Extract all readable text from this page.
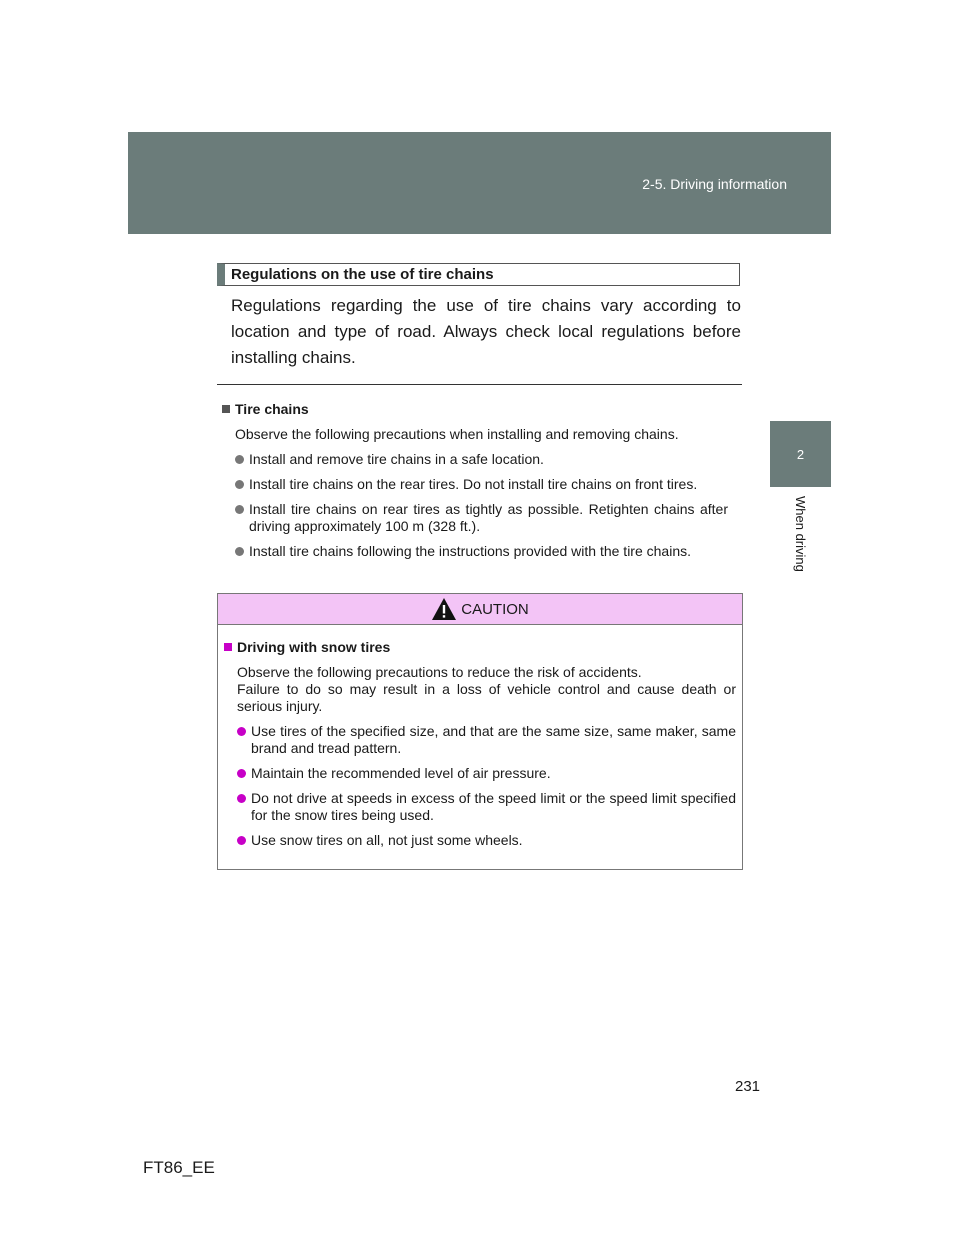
2-5. Driving information
2
When driving
Regulations on the use of tire chains
Regulations regarding the use of tire chains vary according to location and type of road. Always check local regulations before installing chains.
Tire chains
Observe the following precautions when installing and removing chains.
Install and remove tire chains in a safe location.
Install tire chains on the rear tires. Do not install tire chains on front tires.
Install tire chains on rear tires as tightly as possible. Retighten chains after driving approximately 100 m (328 ft.).
Install tire chains following the instructions provided with the tire chains.
CAUTION
Driving with snow tires
Observe the following precautions to reduce the risk of accidents.
Failure to do so may result in a loss of vehicle control and cause death or serious injury.
Use tires of the specified size, and that are the same size, same maker, same brand and tread pattern.
Maintain the recommended level of air pressure.
Do not drive at speeds in excess of the speed limit or the speed limit specified for the snow tires being used.
Use snow tires on all, not just some wheels.
231
FT86_EE
